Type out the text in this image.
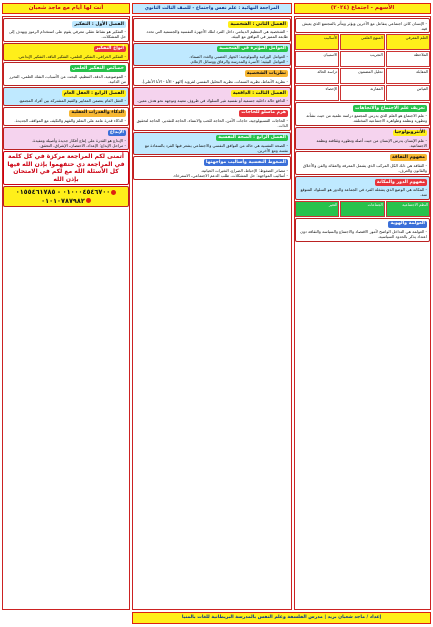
أنت لها أيام مع ماجد شعبان	المراجعة النهائية : علم نفس واجتماع - للصف الثالث الثانوي	الأسهم - اجتماع (٢٠٢٤)
- الإنسان كائن اجتماعي يتفاعل مع الآخرين ويؤثر ويتأثر بالمجتمع الذي يعيش فيه.
العلم المعرفي
المنهج العلمي
الأساليب
الملاحظة
التجريب
الاستبيان
المقابلة
تحليل المضمون
دراسة الحالة
القياس
المقارنة
الإحصاء
تعريف علم الاجتماع والاتجاهات
- علم الاجتماع هو العلم الذي يدرس المجتمع دراسة علمية من حيث نشأته وتطوره ونظمه وظواهره الاجتماعية المختلفة.
الأنثروبولوجيا
- علم الإنسان يدرس الإنسان من حيث أصله وتطوره وثقافته ونظمه الاجتماعية.
مفهوم الثقافة
- الثقافة هي ذلك الكل المركب الذي يشمل المعرفة والعقائد والفن والأخلاق والقانون والعرف.
مفهوم الدور والمكانة
- المكانة هي الوضع الذي يشغله الفرد في الجماعة والدور هو السلوك المتوقع منه.
النظم الاجتماعية
الجماعات
التغير
العولمة والهوية
- العولمة هي التداخل الواضح لأمور الاقتصاد والاجتماع والسياسة والثقافة دون اعتداد يذكر بالحدود السياسية.
الفصل الثاني : الشخصية
- الشخصية هي التنظيم الدينامي داخل الفرد لتلك الأجهزة النفسية والجسمية التي تحدد طابعه المميز في التوافق مع البيئة.
العوامل المؤثرة في الشخصية
- العوامل الوراثية والبيولوجية: الجهاز العصبي والغدد الصماء.
- العوامل البيئية: الأسرة والمدرسة والرفاق ووسائل الإعلام.
نظريات الشخصية
- نظرية الأنماط، نظرية السمات، نظرية التحليل النفسي لفرويد (الهو - الأنا - الأنا الأعلى).
الفصل الثالث : الدافعية
- الدافع حالة داخلية جسمية أو نفسية تثير السلوك في ظروف معينة وتوجهه نحو هدف معين.
هرم ماسلو للحاجات
- الحاجات الفسيولوجية، حاجات الأمن، الحاجة للحب والانتماء، الحاجة للتقدير، الحاجة لتحقيق الذات.
الفصل الرابع : الصحة النفسية
- الصحة النفسية هي حالة من التوافق النفسي والاجتماعي يشعر فيها الفرد بالسعادة مع نفسه ومع الآخرين.
الضغوط النفسية وأساليب مواجهتها
- مصادر الضغوط: الإحباط، الصراع، التغيرات الحياتية.
- أساليب المواجهة: حل المشكلات، طلب الدعم الاجتماعي، الاسترخاء.
الفصل الأول : التفكير
- التفكير هو نشاط عقلي معرفي يقوم على استخدام الرموز ويهدف إلى حل المشكلات.
أنواع التفكير
- التفكير الخرافي، التفكير العلمي، التفكير الناقد، التفكير الإبداعي.
خصائص التفكير العلمي
- الموضوعية، الدقة، التنظيم، البحث عن الأسباب، الشك العلمي، التحرر من الذاتية.
الفصل الرابع : العقل العام
- العقل العام يتضمن المعايير والقيم المشتركة بين أفراد المجتمع.
الذكاء والقدرات العقلية
- الذكاء قدرة عامة على التعلم والفهم والتكيف مع المواقف الجديدة.
الإبداع
- الإبداع هو القدرة على إنتاج أفكار جديدة وأصيلة ومفيدة.
- مراحل الإبداع: الإعداد، الاحتضان، الإشراق، التحقق.
أتمنى لكم المراجعة مركزة في كل كلمة في المراجعة دي حتفهموا بإذن الله فيها كل الأسئلة الله مع لكم في الامتحان بإذن الله
٠١٠٠٠٤٥٤٦٧٠٠ - ٠١٥٥٤٦١٧٨٥
٠١٠١٠٧٨٧٩٨٢
إعداد / ماجد شعبان بريد | مدرس الفلسفة وعلم النفس بالمدرسة البريطانية للغات بالمنيا
